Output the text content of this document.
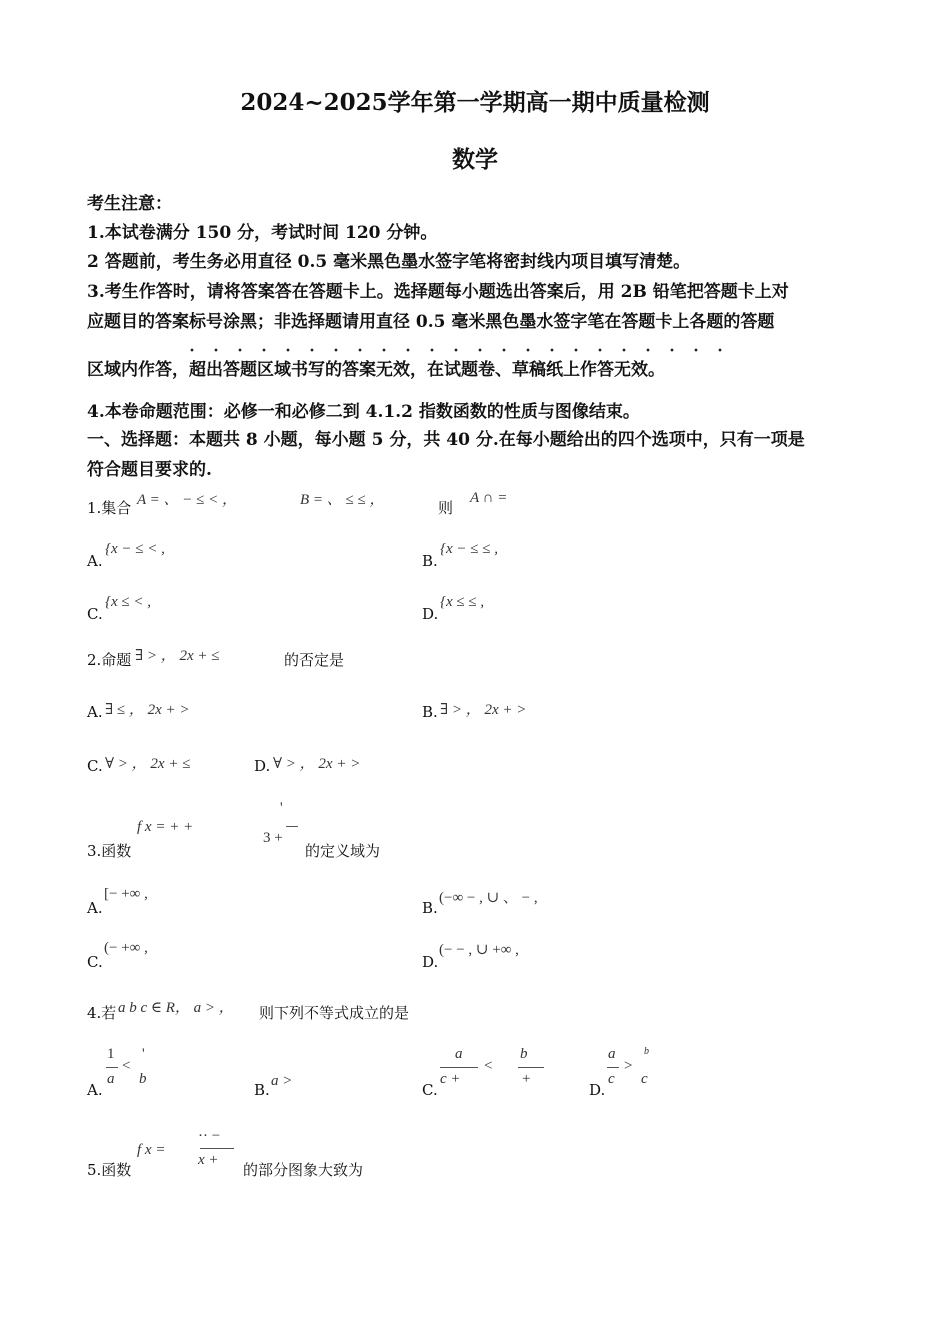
2024~2025学年第一学期高一期中质量检测
数学
考生注意：
1.本试卷满分 150 分，考试时间 120 分钟。
2 答题前，考生务必用直径 0.5 毫米黑色墨水签字笔将密封线内项目填写清楚。
3.考生作答时，请将答案答在答题卡上。选择题每小题选出答案后，用 2B 铅笔把答题卡上对
应题目的答案标号涂黑；非选择题请用直径 0.5 毫米黑色墨水签字笔在答题卡上各题的答题
区域内作答，超出答题区域书写的答案无效，在试题卷、草稿纸上作答无效。
4.本卷命题范围：必修一和必修二到 4.1.2 指数函数的性质与图像结束。
一、选择题：本题共 8 小题，每小题 5 分，共 40 分.在每小题给出的四个选项中，只有一项是
符合题目要求的.
1.集合 A = 、 − ≤ < ，	B = 、 ≤ ≤ ，	则
A ∩ =
A.
{x − ≤ < ,
B.
{x − ≤ ≤ ,
C.
{x ≤ < ,
D.
{x ≤ ≤ ,
2.命题 ∃ > ， 2x + ≤	的否定是
A. ∃ ≤ ， 2x + >	B. ∃ > ， 2x + >
C. ∀ > ， 2x + ≤	D. ∀ > ， 2x + >
3.函数
f x = + +
'
3 +
的定义域为
A.
[− +∞ ,
B.
(−∞ − , ∪ 、 − ,
C.
(− +∞ ,
D.
(− − , ∪ +∞ ,
4.若 a b c ∈ R， a > ， 则下列不等式成立的是
A.
1
a
<
'
b
B. a >	C.
a
c +
<
b
+
D.
a
c
>
b
c
5.函数
f x =
·· −
x +
的部分图象大致为
